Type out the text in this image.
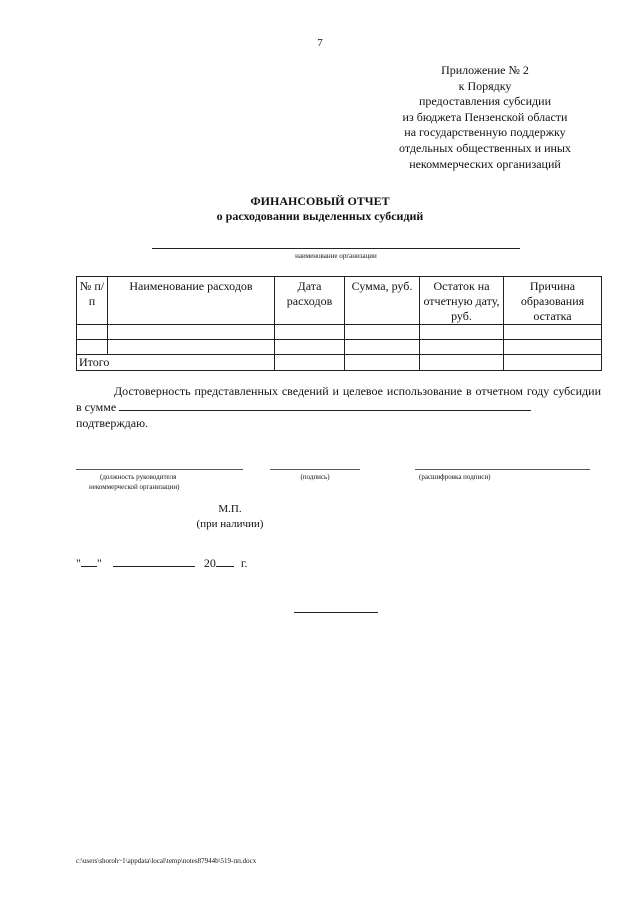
7
Приложение № 2
к Порядку
предоставления субсидии
из бюджета Пензенской области
на государственную поддержку
отдельных общественных и иных
некоммерческих организаций
ФИНАНСОВЫЙ ОТЧЕТ
о расходовании выделенных субсидий
наименование организации
№ п/п	Наименование расходов	Дата расходов	Сумма, руб.	Остаток на отчетную дату, руб.	Причина образования остатка

Итого					
Достоверность представленных сведений и целевое использование в отчетном году субсидии в сумме
подтверждаю.
(должность руководителя
некоммерческой организации)
(подпись)	(расшифровка подписи)
М.П.
(при наличии)
" "	20 г.
c:\users\shoroh~1\appdata\local\temp\notes87944b\519-пп.docx
